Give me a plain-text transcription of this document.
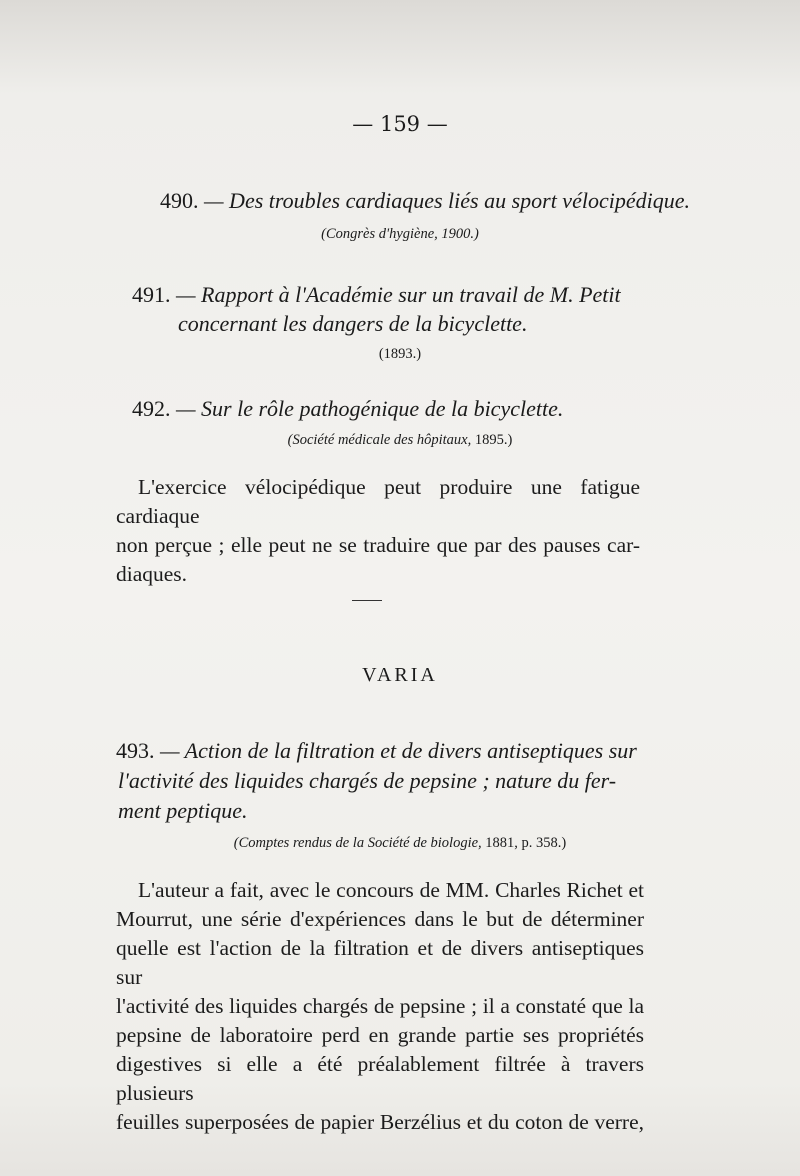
— 159 —
490. — Des troubles cardiaques liés au sport vélocipédique.
(Congrès d'hygiène, 1900.)
491. — Rapport à l'Académie sur un travail de M. Petit
concernant les dangers de la bicyclette.
(1893.)
492. — Sur le rôle pathogénique de la bicyclette.
(Société médicale des hôpitaux, 1895.)
L'exercice vélocipédique peut produire une fatigue cardiaque
non perçue ; elle peut ne se traduire que par des pauses car-
diaques.
VARIA
493. — Action de la filtration et de divers antiseptiques sur
l'activité des liquides chargés de pepsine ; nature du fer-
ment peptique.
(Comptes rendus de la Société de biologie, 1881, p. 358.)
L'auteur a fait, avec le concours de MM. Charles Richet et
Mourrut, une série d'expériences dans le but de déterminer
quelle est l'action de la filtration et de divers antiseptiques sur
l'activité des liquides chargés de pepsine ; il a constaté que la
pepsine de laboratoire perd en grande partie ses propriétés
digestives si elle a été préalablement filtrée à travers plusieurs
feuilles superposées de papier Berzélius et du coton de verre,
